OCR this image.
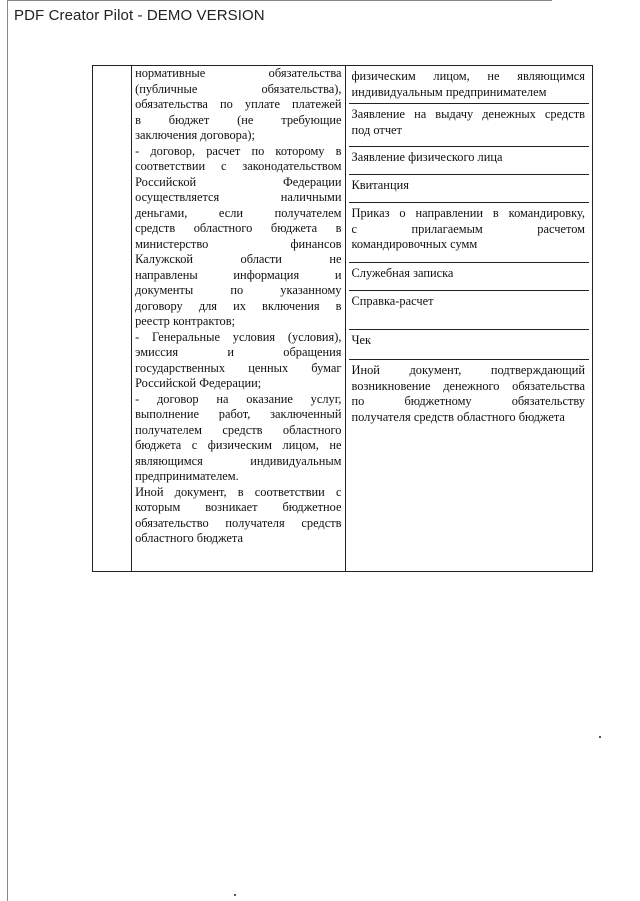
PDF Creator Pilot - DEMO VERSION

нормативные обязательства
(публичные обязательства),
обязательства по уплате платежей
в бюджет (не требующие
заключения договора);
- договор, расчет по которому в
соответствии с законодательством
Российской Федерации
осуществляется наличными
деньгами, если получателем
средств областного бюджета в
министерство финансов
Калужской области не
направлены информация и
документы по указанному
договору для их включения в
реестр контрактов;
- Генеральные условия (условия),
эмиссия и обращения
государственных ценных бумаг
Российской Федерации;
- договор на оказание услуг,
выполнение работ, заключенный
получателем средств областного
бюджета с физическим лицом, не
являющимся индивидуальным
предпринимателем.
Иной документ, в соответствии с
которым возникает бюджетное
обязательство получателя средств
областного бюджета

физическим лицом, не являющимся
индивидуальным предпринимателем
Заявление на выдачу денежных средств
под отчет
Заявление физического лица
Квитанция
Приказ о направлении в командировку,
с прилагаемым расчетом
командировочных сумм
Служебная записка
Справка-расчет
Чек
Иной документ, подтверждающий
возникновение денежного обязательства
по бюджетному обязательству
получателя средств областного бюджета
